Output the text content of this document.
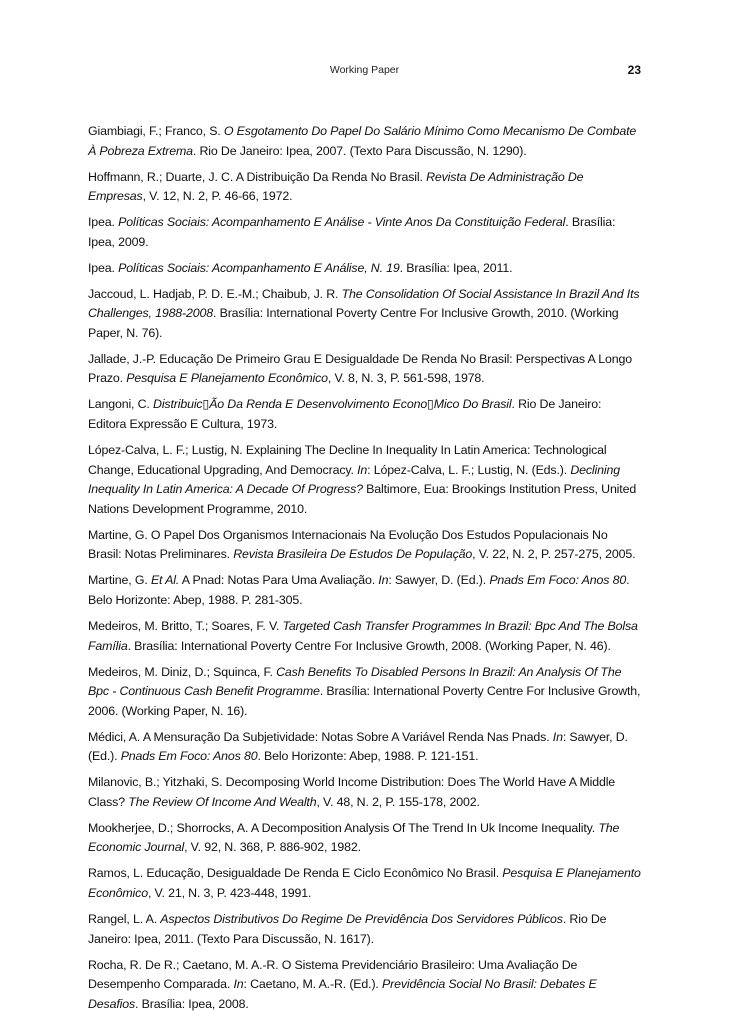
Working Paper	23

Giambiagi, F.; Franco, S. O Esgotamento Do Papel Do Salário Mínimo Como Mecanismo De Combate À Pobreza Extrema. Rio De Janeiro: Ipea, 2007. (Texto Para Discussão, N. 1290).

Hoffmann, R.; Duarte, J. C. A Distribuição Da Renda No Brasil. Revista De Administração De Empresas, V. 12, N. 2, P. 46-66, 1972.

Ipea. Políticas Sociais: Acompanhamento E Análise - Vinte Anos Da Constituição Federal. Brasília: Ipea, 2009.

Ipea. Políticas Sociais: Acompanhamento E Análise, N. 19. Brasília: Ipea, 2011.

Jaccoud, L. Hadjab, P. D. E.-M.; Chaibub, J. R. The Consolidation Of Social Assistance In Brazil And Its Challenges, 1988-2008. Brasília: International Poverty Centre For Inclusive Growth, 2010. (Working Paper, N. 76).

Jallade, J.-P. Educação De Primeiro Grau E Desigualdade De Renda No Brasil: Perspectivas A Longo Prazo. Pesquisa E Planejamento Econômico, V. 8, N. 3, P. 561-598, 1978.

Langoni, C. Distribuic▯Ão Da Renda E Desenvolvimento Econo▯Mico Do Brasil. Rio De Janeiro: Editora Expressão E Cultura, 1973.

López-Calva, L. F.; Lustig, N. Explaining The Decline In Inequality In Latin America: Technological Change, Educational Upgrading, And Democracy. In: López-Calva, L. F.; Lustig, N. (Eds.). Declining Inequality In Latin America: A Decade Of Progress? Baltimore, Eua: Brookings Institution Press, United Nations Development Programme, 2010.

Martine, G. O Papel Dos Organismos Internacionais Na Evolução Dos Estudos Populacionais No Brasil: Notas Preliminares. Revista Brasileira De Estudos De População, V. 22, N. 2, P. 257-275, 2005.

Martine, G. Et Al. A Pnad: Notas Para Uma Avaliação. In: Sawyer, D. (Ed.). Pnads Em Foco: Anos 80. Belo Horizonte: Abep, 1988. P. 281-305.

Medeiros, M. Britto, T.; Soares, F. V. Targeted Cash Transfer Programmes In Brazil: Bpc And The Bolsa Família. Brasília: International Poverty Centre For Inclusive Growth, 2008. (Working Paper, N. 46).

Medeiros, M. Diniz, D.; Squinca, F. Cash Benefits To Disabled Persons In Brazil: An Analysis Of The Bpc - Continuous Cash Benefit Programme. Brasília: International Poverty Centre For Inclusive Growth, 2006. (Working Paper, N. 16).

Médici, A. A Mensuração Da Subjetividade: Notas Sobre A Variável Renda Nas Pnads. In: Sawyer, D. (Ed.). Pnads Em Foco: Anos 80. Belo Horizonte: Abep, 1988. P. 121-151.

Milanovic, B.; Yitzhaki, S. Decomposing World Income Distribution: Does The World Have A Middle Class? The Review Of Income And Wealth, V. 48, N. 2, P. 155-178, 2002.

Mookherjee, D.; Shorrocks, A. A Decomposition Analysis Of The Trend In Uk Income Inequality. The Economic Journal, V. 92, N. 368, P. 886-902, 1982.

Ramos, L. Educação, Desigualdade De Renda E Ciclo Econômico No Brasil. Pesquisa E Planejamento Econômico, V. 21, N. 3, P. 423-448, 1991.

Rangel, L. A. Aspectos Distributivos Do Regime De Previdência Dos Servidores Públicos. Rio De Janeiro: Ipea, 2011. (Texto Para Discussão, N. 1617).

Rocha, R. De R.; Caetano, M. A.-R. O Sistema Previdenciário Brasileiro: Uma Avaliação De Desempenho Comparada. In: Caetano, M. A.-R. (Ed.). Previdência Social No Brasil: Debates E Desafios. Brasília: Ipea, 2008.
